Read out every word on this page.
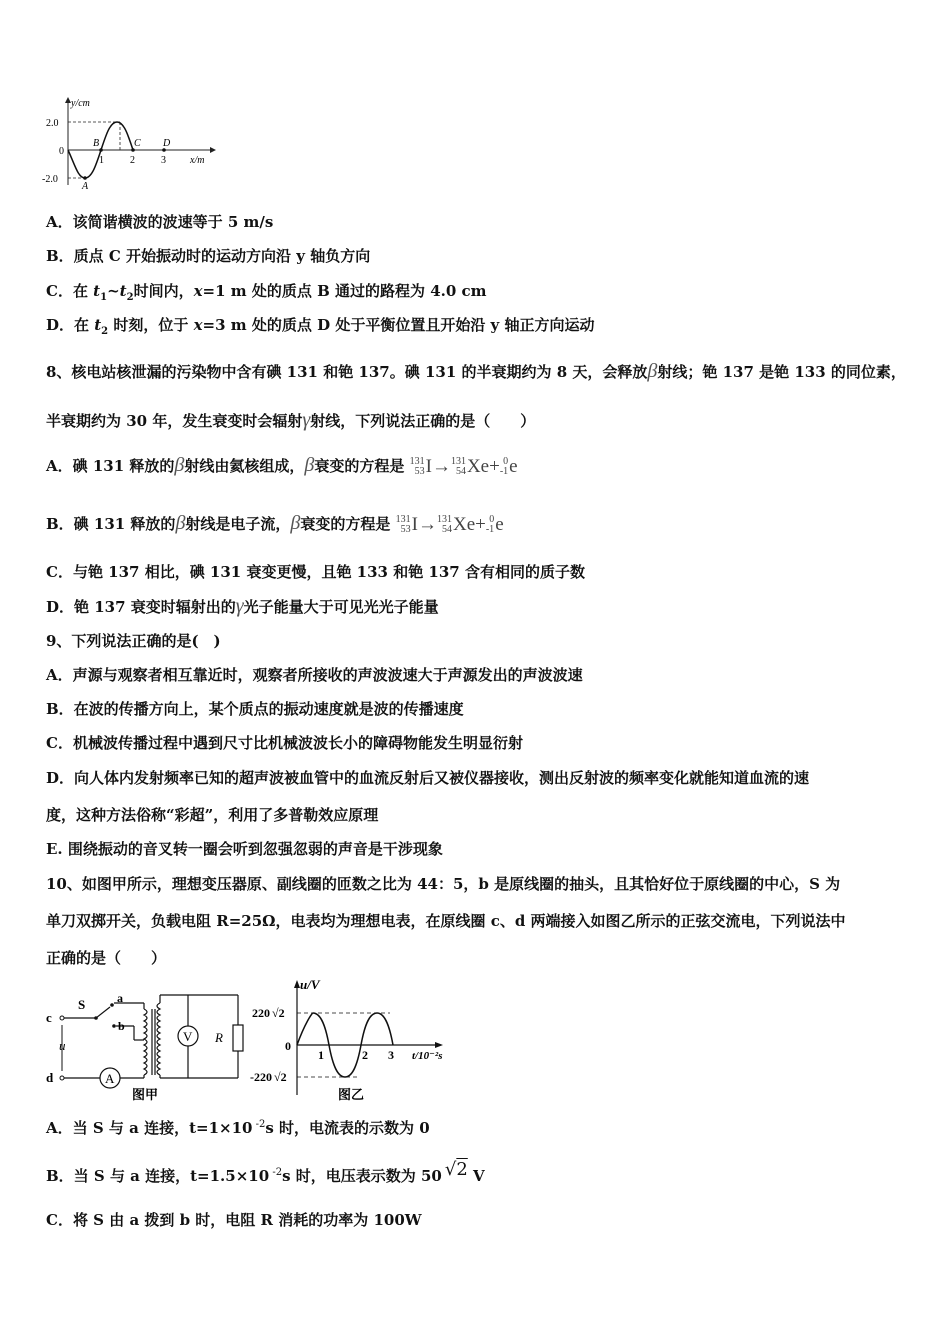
y/cm
x/m
2.0
0
-2.0
1	2	3
A
B	C D
A．该简谐横波的波速等于 5 m/s
B．质点 C 开始振动时的运动方向沿 y 轴负方向
C．在 $t_1\sim t_2$时间内，x=1 m 处的质点 B 通过的路程为 4.0 cm
D．在 $t_2$ 时刻，位于 x=3 m 处的质点 D 处于平衡位置且开始沿 y 轴正方向运动
8、核电站核泄漏的污染物中含有碘 131 和铯 137。碘 131 的半衰期约为 8 天，会释放β射线；铯 137 是铯 133 的同位素，
半衰期约为 30 年，发生衰变时会辐射γ射线，下列说法正确的是（　　）
A．碘 131 释放的β射线由氦核组成，β衰变的方程是 131
53 I→ 131
54 Xe+ 0
-1 e
B．碘 131 释放的β射线是电子流，β衰变的方程是 131
53 I→ 131
54 Xe+ 0
-1 e
C．与铯 137 相比，碘 131 衰变更慢，且铯 133 和铯 137 含有相同的质子数
D．铯 137 衰变时辐射出的γ光子能量大于可见光光子能量
9、下列说法正确的是(　)
A．声源与观察者相互靠近时，观察者所接收的声波波速大于声源发出的声波波速
B．在波的传播方向上，某个质点的振动速度就是波的传播速度
C．机械波传播过程中遇到尺寸比机械波波长小的障碍物能发生明显衍射
D．向人体内发射频率已知的超声波被血管中的血流反射后又被仪器接收，测出反射波的频率变化就能知道血流的速
度，这种方法俗称“彩超”，利用了多普勒效应原理
E. 围绕振动的音叉转一圈会听到忽强忽弱的声音是干涉现象
10、如图甲所示，理想变压器原、副线圈的匝数之比为 44：5，b 是原线圈的抽头，且其恰好位于原线圈的中心，S 为
单刀双掷开关，负载电阻 R=25Ω，电表均为理想电表，在原线圈 c、d 两端接入如图乙所示的正弦交流电，下列说法中
正确的是（　　）
S	a
b
c
d
u
V R
A
图甲
u/V
220 √2
0
-220 √2
1	2 3 t/10⁻²s
图乙
A．当 S 与 a 连接，t=1×10 $^{-2}$s 时，电流表的示数为 0
B．当 S 与 a 连接，t=1.5×10 $^{-2}$s 时，电压表示数为 50 √2 V
C．将 S 由 a 拨到 b 时，电阻 R 消耗的功率为 100W
